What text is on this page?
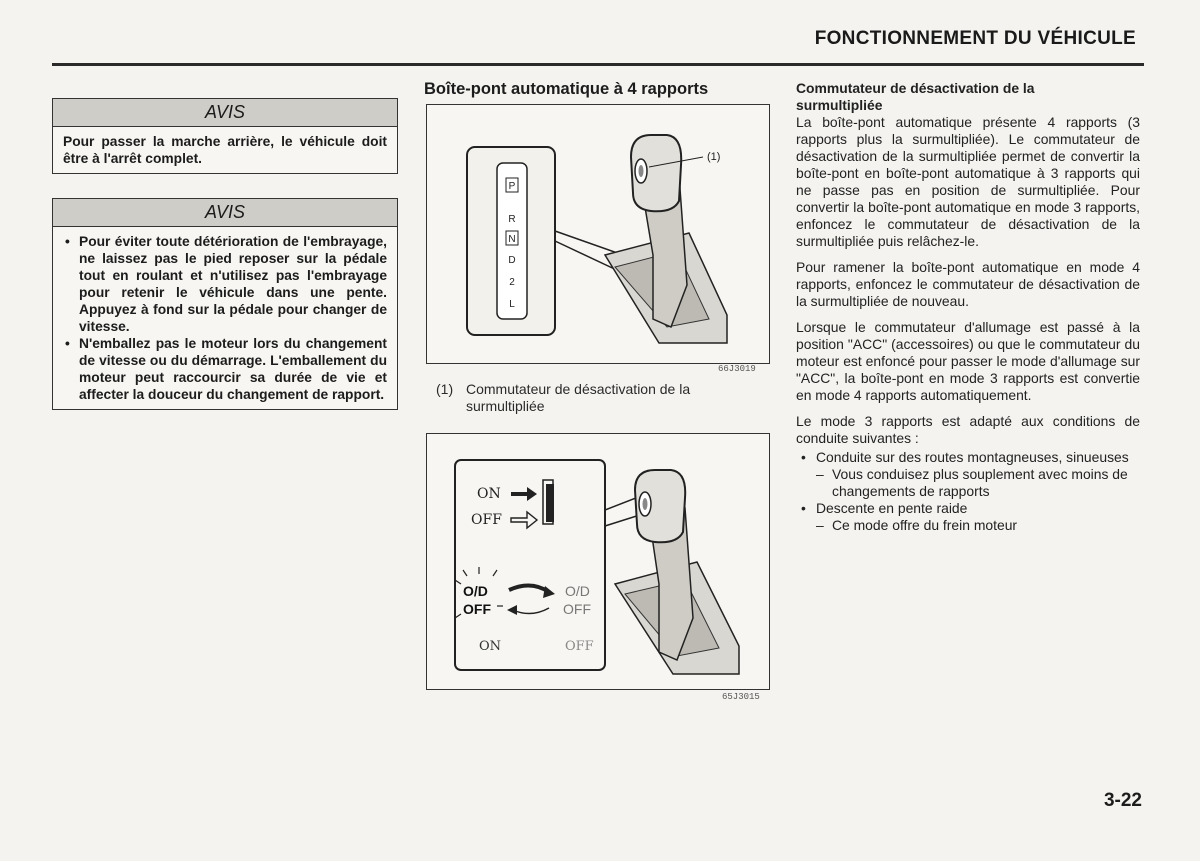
FONCTIONNEMENT DU VÉHICULE
AVIS
Pour passer la marche arrière, le véhicule doit être à l'arrêt complet.
AVIS
• Pour éviter toute détérioration de l'embrayage, ne laissez pas le pied reposer sur la pédale tout en roulant et n'utilisez pas l'embrayage pour retenir le véhicule dans une pente. Appuyez à fond sur la pédale pour changer de vitesse.
• N'emballez pas le moteur lors du changement de vitesse ou du démarrage. L'emballement du moteur peut raccourcir sa durée de vie et affecter la douceur du changement de rapport.
Boîte-pont automatique à 4 rapports
P
R
N
D
2
L
(1)
66J3019
(1) Commutateur de désactivation de la surmultipliée
ON
OFF
O/D
OFF
O/D
OFF
ON	OFF
65J3015
Commutateur de désactivation de la
surmultipliée

La boîte-pont automatique présente 4 rapports (3 rapports plus la surmultipliée). Le commutateur de désactivation de la surmultipliée permet de convertir la boîte-pont en boîte-pont automatique à 3 rapports qui ne passe pas en position de surmultipliée. Pour convertir la boîte-pont automatique en mode 3 rapports, enfoncez le commutateur de désactivation de la surmultipliée puis relâchez-le.

Pour ramener la boîte-pont automatique en mode 4 rapports, enfoncez le commutateur de désactivation de la surmultipliée de nouveau.

Lorsque le commutateur d'allumage est passé à la position "ACC" (accessoires) ou que le commutateur du moteur est enfoncé pour passer le mode d'allumage sur "ACC", la boîte-pont en mode 3 rapports est convertie en mode 4 rapports automatiquement.

Le mode 3 rapports est adapté aux conditions de conduite suivantes :

• Conduite sur des routes montagneuses, sinueuses
– Vous conduisez plus souplement avec moins de changements de rapports
• Descente en pente raide
– Ce mode offre du frein moteur
3-22
